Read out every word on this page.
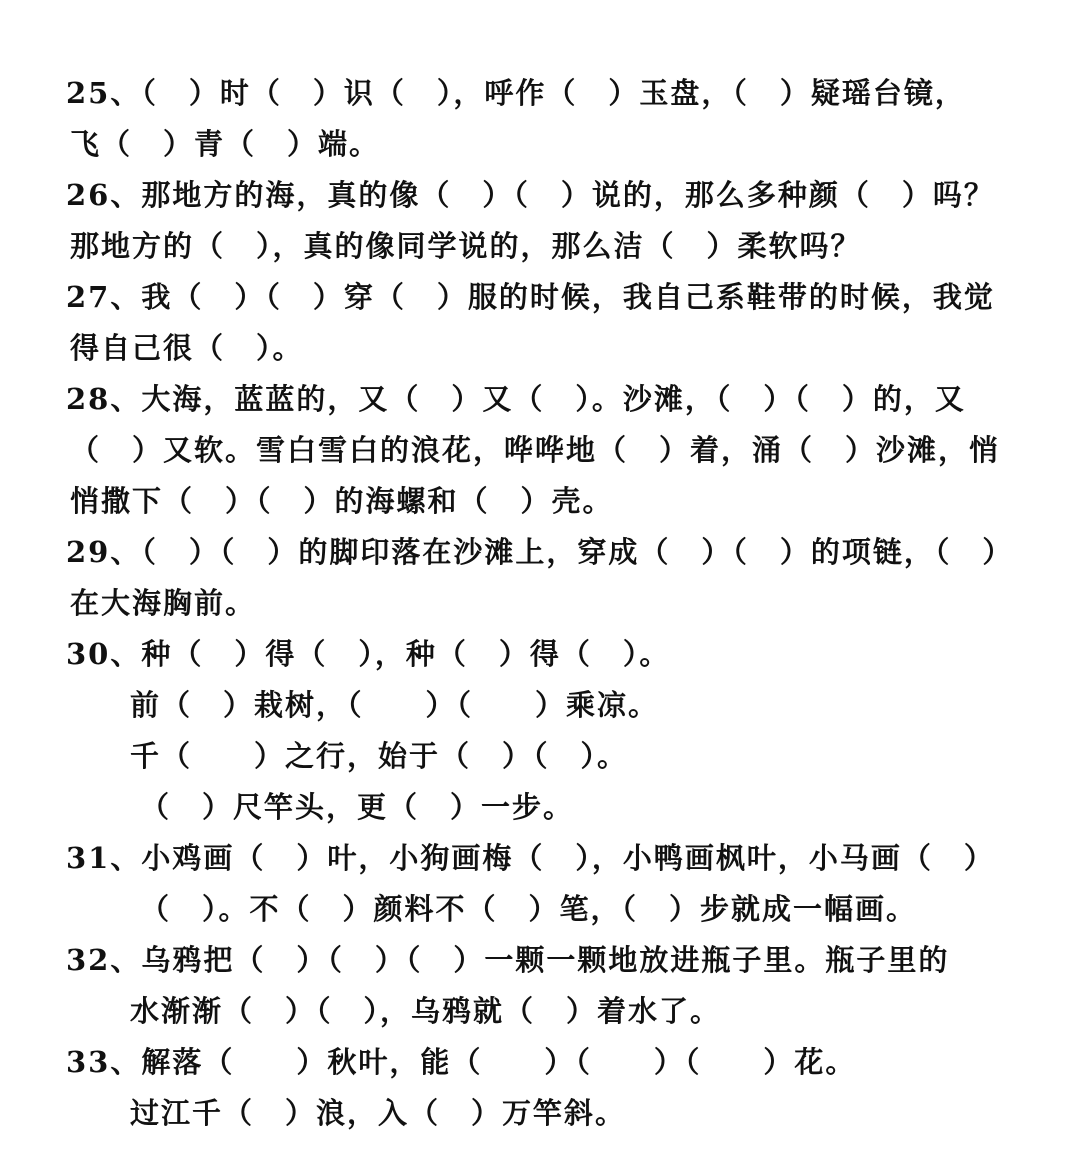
25、（　）时（　）识（　），呼作（　）玉盘，（　）疑瑶台镜，
飞（　）青（　）端。
26、那地方的海，真的像（　）（　）说的，那么多种颜（　）吗？
那地方的（　），真的像同学说的，那么洁（　）柔软吗？
27、我（　）（　）穿（　）服的时候，我自己系鞋带的时候，我觉
得自己很（　）。
28、大海，蓝蓝的，又（　）又（　）。沙滩，（　）（　）的，又
（　）又软。雪白雪白的浪花，哗哗地（　）着，涌（　）沙滩，悄
悄撒下（　）（　）的海螺和（　）壳。
29、（　）（　）的脚印落在沙滩上，穿成（　）（　）的项链，（　）
在大海胸前。
30、种（　）得（　），种（　）得（　）。
前（　）栽树，（　　）（　　）乘凉。
千（　　）之行，始于（　）（　）。
（　）尺竿头，更（　）一步。
31、小鸡画（　）叶，小狗画梅（　），小鸭画枫叶，小马画（　）
（　）。不（　）颜料不（　）笔，（　）步就成一幅画。
32、乌鸦把（　）（　）（　）一颗一颗地放进瓶子里。瓶子里的
水渐渐（　）（　），乌鸦就（　）着水了。
33、解落（　　）秋叶，能（　　）（　　）（　　）花。
过江千（　）浪，入（　）万竿斜。
